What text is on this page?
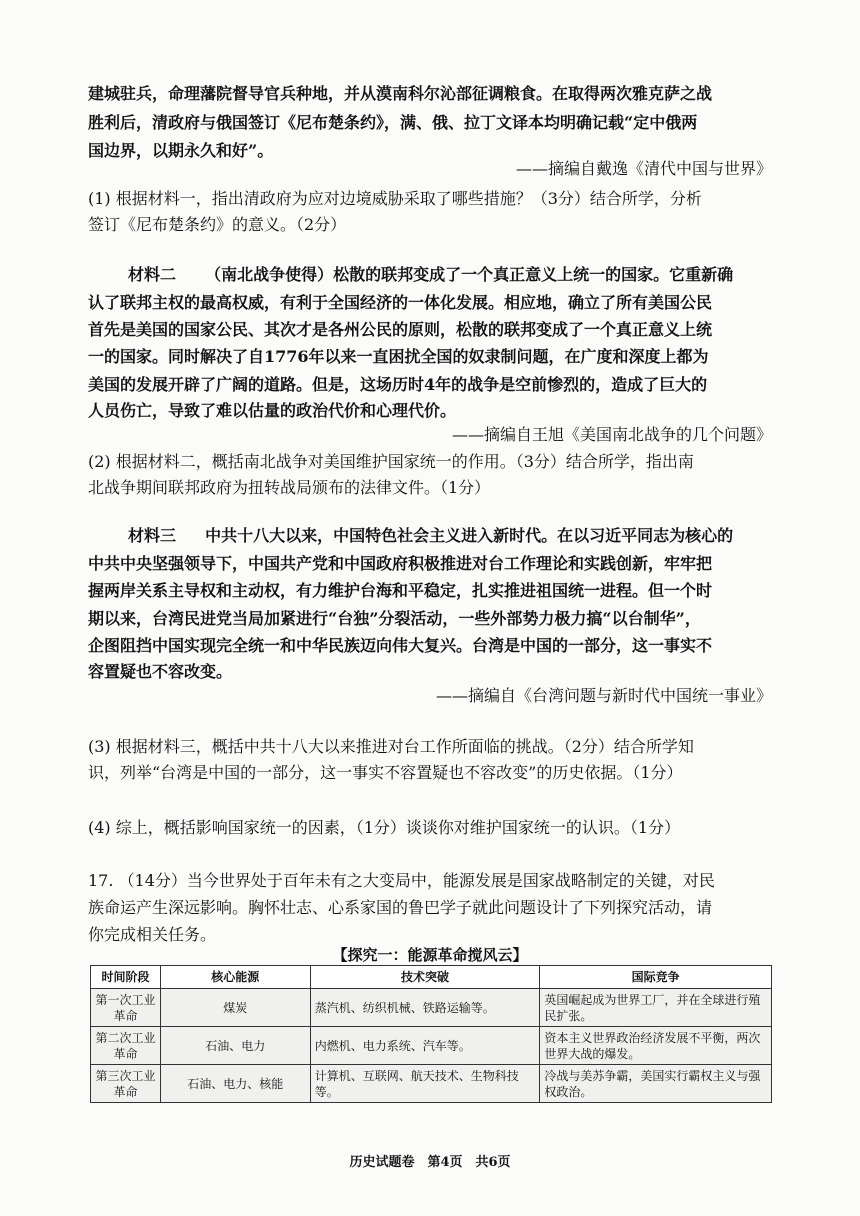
建城驻兵，命理藩院督导官兵种地，并从漠南科尔沁部征调粮食。在取得两次雅克萨之战
胜利后，清政府与俄国签订《尼布楚条约》，满、俄、拉丁文译本均明确记载“定中俄两
国边界，以期永久和好”。
——摘编自戴逸《清代中国与世界》
(1) 根据材料一，指出清政府为应对边境威胁采取了哪些措施？（3分）结合所学，分析
签订《尼布楚条约》的意义。（2分）
材料二 （南北战争使得）松散的联邦变成了一个真正意义上统一的国家。它重新确
认了联邦主权的最高权威，有利于全国经济的一体化发展。相应地，确立了所有美国公民
首先是美国的国家公民、其次才是各州公民的原则，松散的联邦变成了一个真正意义上统
一的国家。同时解决了自1776年以来一直困扰全国的奴隶制问题，在广度和深度上都为
美国的发展开辟了广阔的道路。但是，这场历时4年的战争是空前惨烈的，造成了巨大的
人员伤亡，导致了难以估量的政治代价和心理代价。
——摘编自王旭《美国南北战争的几个问题》
(2) 根据材料二，概括南北战争对美国维护国家统一的作用。（3分）结合所学，指出南
北战争期间联邦政府为扭转战局颁布的法律文件。（1分）
材料三 中共十八大以来，中国特色社会主义进入新时代。在以习近平同志为核心的
中共中央坚强领导下，中国共产党和中国政府积极推进对台工作理论和实践创新，牢牢把
握两岸关系主导权和主动权，有力维护台海和平稳定，扎实推进祖国统一进程。但一个时
期以来，台湾民进党当局加紧进行“台独”分裂活动，一些外部势力极力搞“以台制华”，
企图阻挡中国实现完全统一和中华民族迈向伟大复兴。台湾是中国的一部分，这一事实不
容置疑也不容改变。
——摘编自《台湾问题与新时代中国统一事业》
(3) 根据材料三，概括中共十八大以来推进对台工作所面临的挑战。（2分）结合所学知
识，列举“台湾是中国的一部分，这一事实不容置疑也不容改变”的历史依据。（1分）
(4) 综上，概括影响国家统一的因素，（1分）谈谈你对维护国家统一的认识。（1分）
17. （14分）当今世界处于百年未有之大变局中，能源发展是国家战略制定的关键，对民
族命运产生深远影响。胸怀壮志、心系家国的鲁巴学子就此问题设计了下列探究活动，请
你完成相关任务。
【探究一：能源革命搅风云】
时间阶段	核心能源	技术突破	国际竞争
第一次工业革命	煤炭	蒸汽机、纺织机械、铁路运输等。	英国崛起成为世界工厂，并在全球进行殖民扩张。
第二次工业革命	石油、电力	内燃机、电力系统、汽车等。	资本主义世界政治经济发展不平衡，两次世界大战的爆发。
第三次工业革命	石油、电力、核能	计算机、互联网、航天技术、生物科技等。	冷战与美苏争霸，美国实行霸权主义与强权政治。
历史试题卷　第4页　共6页
